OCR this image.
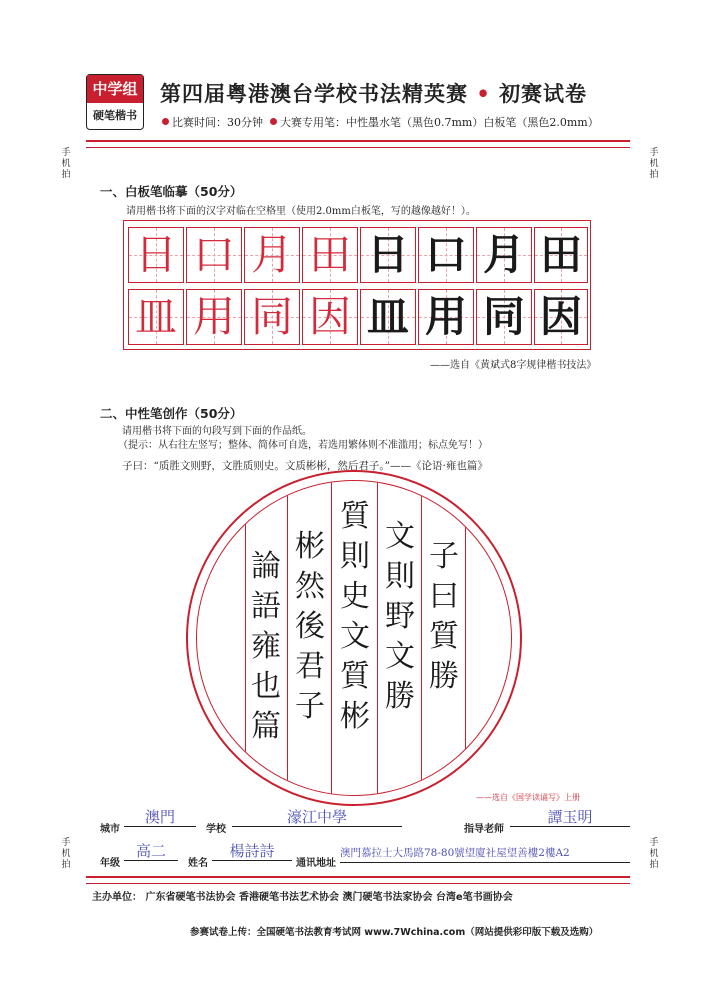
中学组
硬笔楷书
第四届粤港澳台学校书法精英赛 • 初赛试卷
比赛时间：30分钟 大赛专用笔：中性墨水笔（黑色0.7mm）白板笔（黑色2.0mm）
手机拍
手机拍
手机拍
手机拍
一、白板笔临摹（50分）
请用楷书将下面的汉字对临在空格里（使用2.0mm白板笔，写的越像越好！）。
日 口 月 田 日 口 月 田
皿 用 同 因 皿 用 同 因
——选自《黄斌式8字规律楷书技法》
二、中性笔创作（50分）
请用楷书将下面的句段写到下面的作品纸。
（提示：从右往左竖写；整体、简体可自选，若选用繁体则不准滥用；标点免写！）
子曰：“质胜文则野，文胜质则史。文质彬彬，然后君子。”——《论语·雍也篇》
子曰質勝
文則野文勝
質則史文質彬
彬然後君子
論語雍也篇
——选自《国学读诵写》上册
城市
澳門
学校
濠江中學
指导老师
譚玉明
年级
高二
姓名
楊詩詩
通讯地址
澳門慕拉士大馬路78-80號望廈社屋望善樓2樓A2
主办单位： 广东省硬笔书法协会 香港硬笔书法艺术协会 澳门硬笔书法家协会 台湾e笔书画协会
参赛试卷上传：全国硬笔书法教育考试网 www.7Wchina.com（网站提供彩印版下载及选购）
